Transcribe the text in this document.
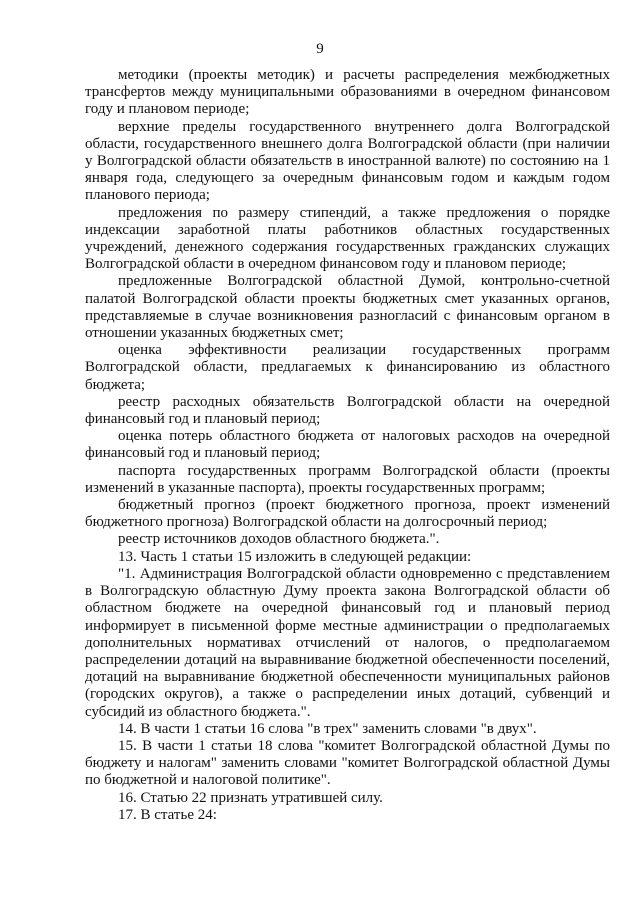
9

методики (проекты методик) и расчеты распределения межбюджетных трансфертов между муниципальными образованиями в очередном финансовом году и плановом периоде;

верхние пределы государственного внутреннего долга Волгоградской области, государственного внешнего долга Волгоградской области (при наличии у Волгоградской области обязательств в иностранной валюте) по состоянию на 1 января года, следующего за очередным финансовым годом и каждым годом планового периода;

предложения по размеру стипендий, а также предложения о порядке индексации заработной платы работников областных государственных учреждений, денежного содержания государственных гражданских служащих Волгоградской области в очередном финансовом году и плановом периоде;

предложенные Волгоградской областной Думой, контрольно-счетной палатой Волгоградской области проекты бюджетных смет указанных органов, представляемые в случае возникновения разногласий с финансовым органом в отношении указанных бюджетных смет;

оценка эффективности реализации государственных программ Волгоградской области, предлагаемых к финансированию из областного бюджета;

реестр расходных обязательств Волгоградской области на очередной финансовый год и плановый период;

оценка потерь областного бюджета от налоговых расходов на очередной финансовый год и плановый период;

паспорта государственных программ Волгоградской области (проекты изменений в указанные паспорта), проекты государственных программ;

бюджетный прогноз (проект бюджетного прогноза, проект изменений бюджетного прогноза) Волгоградской области на долгосрочный период;

реестр источников доходов областного бюджета.".

13. Часть 1 статьи 15 изложить в следующей редакции:

"1. Администрация Волгоградской области одновременно с представлением в Волгоградскую областную Думу проекта закона Волгоградской области об областном бюджете на очередной финансовый год и плановый период информирует в письменной форме местные администрации о предполагаемых дополнительных нормативах отчислений от налогов, о предполагаемом распределении дотаций на выравнивание бюджетной обеспеченности поселений, дотаций на выравнивание бюджетной обеспеченности муниципальных районов (городских округов), а также о распределении иных дотаций, субвенций и субсидий из областного бюджета.".

14. В части 1 статьи 16 слова "в трех" заменить словами "в двух".

15. В части 1 статьи 18 слова "комитет Волгоградской областной Думы по бюджету и налогам" заменить словами "комитет Волгоградской областной Думы по бюджетной и налоговой политике".

16. Статью 22 признать утратившей силу.

17. В статье 24:
